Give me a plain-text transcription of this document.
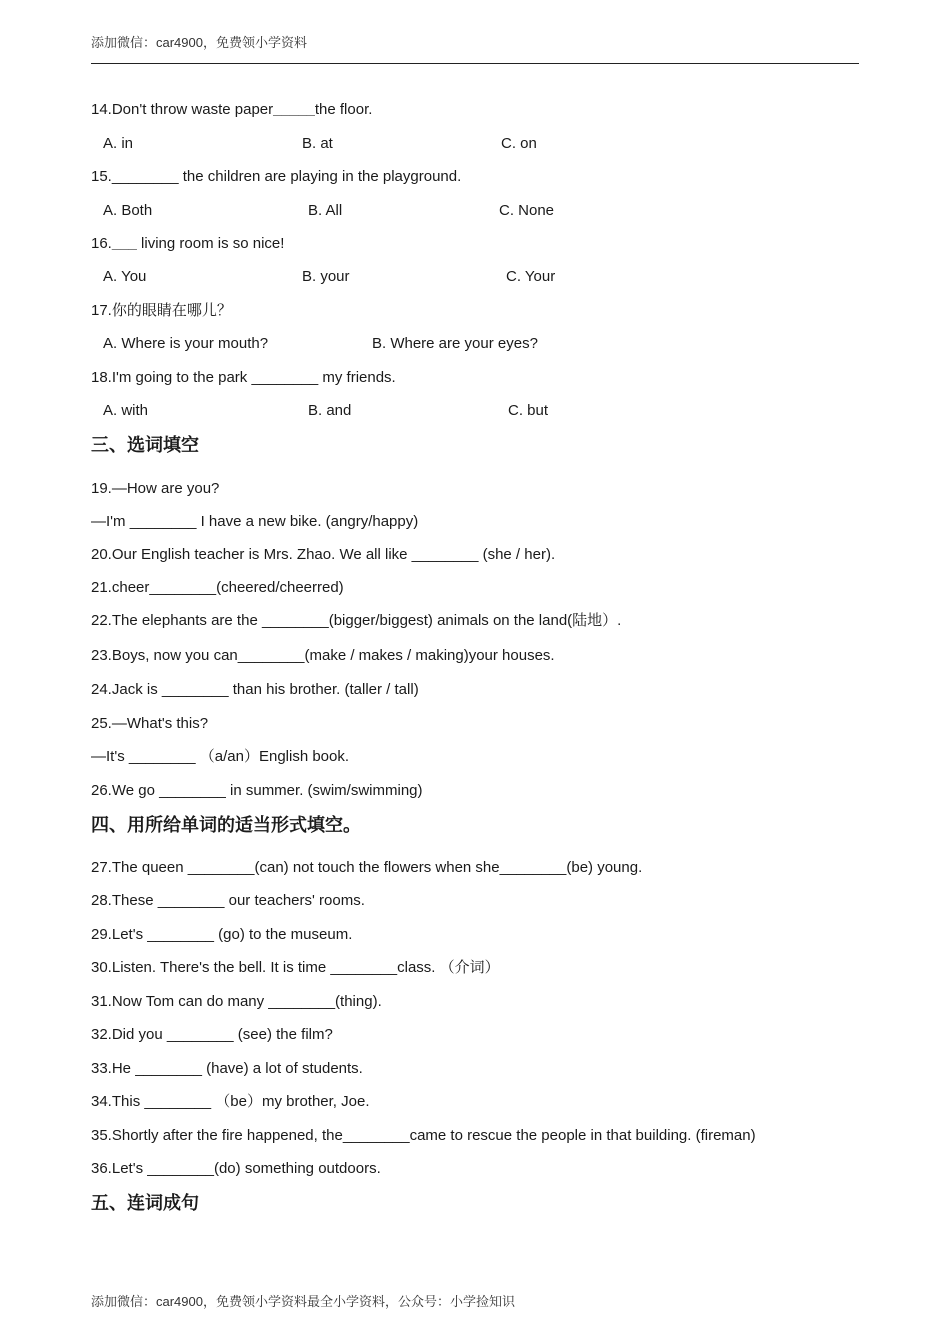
添加微信：car4900，免费领小学资料
14.Don't throw waste paper_____the floor.
A. in	B. at	C. on
15.________ the children are playing in the playground.
A. Both	B. All	C. None
16.___ living room is so nice!
A. You	B. your	C. Your
17.你的眼睛在哪儿？
A. Where is your mouth?	B. Where are your eyes?
18.I'm going to the park ________ my friends.
A. with	B. and	C. but
三、选词填空
19.—How are you?
—I'm ________ I have a new bike. (angry/happy)
20.Our English teacher is Mrs. Zhao. We all like ________ (she / her).
21.cheer________(cheered/cheerred)
22.The elephants are the ________(bigger/biggest) animals on the land(陆地）.
23.Boys, now you can________(make / makes / making)your houses.
24.Jack is ________ than his brother. (taller / tall)
25.—What's this?
—It's ________ （a/an）English book.
26.We go ________ in summer. (swim/swimming)
四、用所给单词的适当形式填空。
27.The queen ________(can) not touch the flowers when she________(be) young.
28.These ________ our teachers' rooms.
29.Let's ________ (go) to the museum.
30.Listen. There's the bell. It is time ________class. （介词）
31.Now Tom can do many ________(thing).
32.Did you ________ (see) the film?
33.He ________ (have) a lot of students.
34.This ________ （be）my brother, Joe.
35.Shortly after the fire happened, the________came to rescue the people in that building. (fireman)
36.Let's ________(do) something outdoors.
五、连词成句
添加微信：car4900，免费领小学资料最全小学资料，公众号：小学捡知识
